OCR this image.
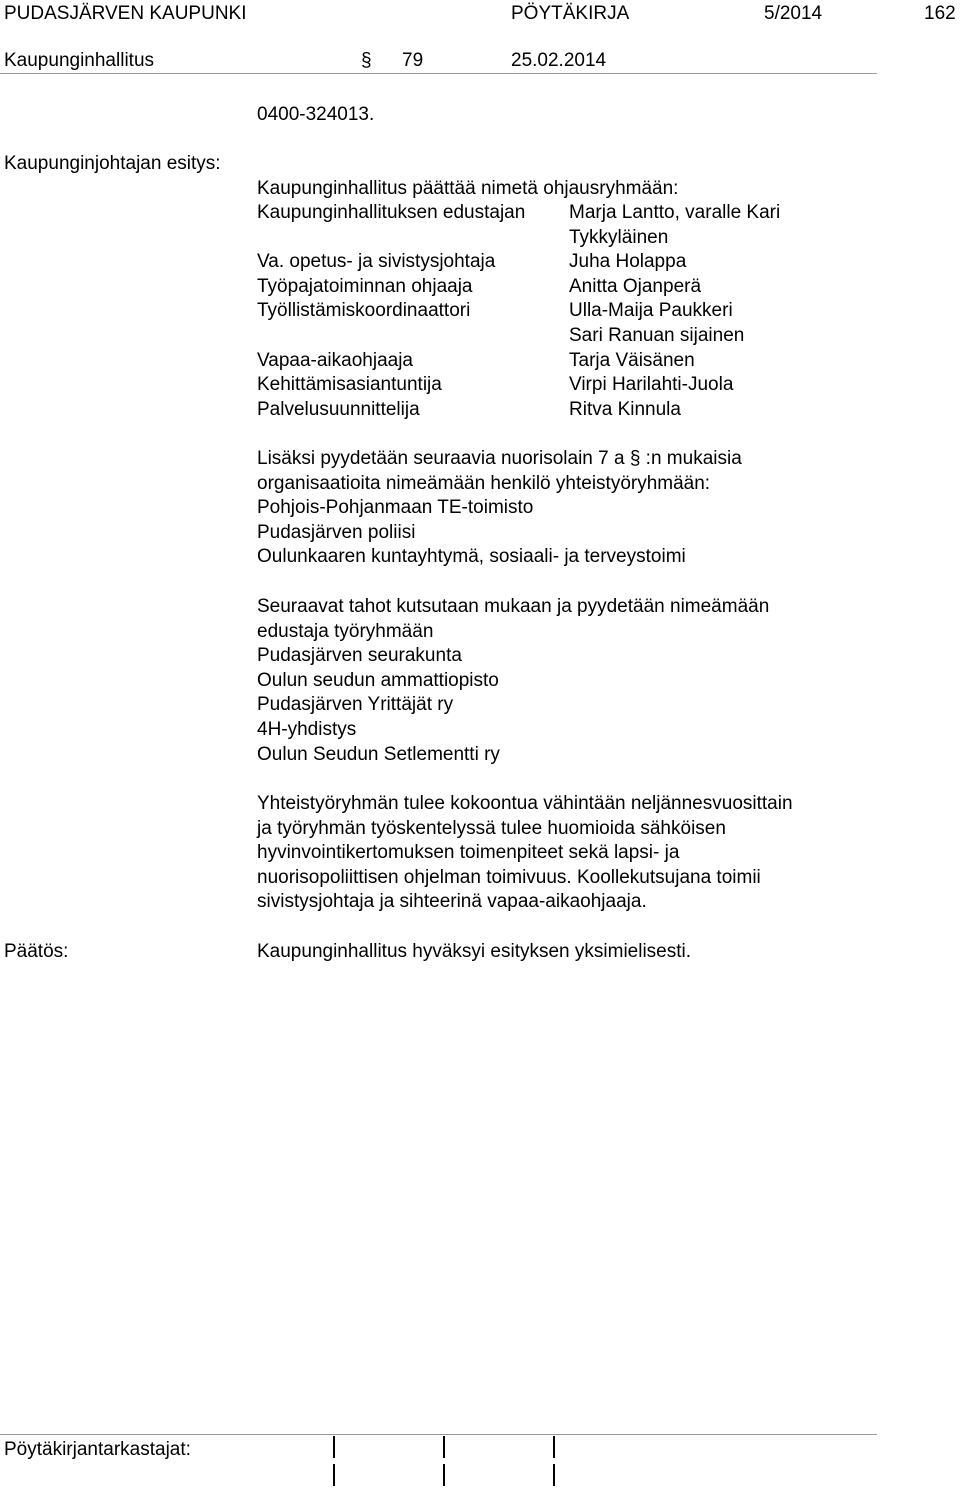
PUDASJÄRVEN KAUPUNKI	PÖYTÄKIRJA	5/2014	162
Kaupunginhallitus	§ 79	25.02.2014
0400-324013.
Kaupunginjohtajan esitys:
Kaupunginhallitus päättää nimetä ohjausryhmään:
Kaupunginhallituksen edustajan	Marja Lantto, varalle Kari
	Tykkyläinen
Va. opetus- ja sivistysjohtaja	Juha Holappa
Työpajatoiminnan ohjaaja	Anitta Ojanperä
Työllistämiskoordinaattori	Ulla-Maija Paukkeri
	Sari Ranuan sijainen
Vapaa-aikaohjaaja	Tarja Väisänen
Kehittämisasiantuntija	Virpi Harilahti-Juola
Palvelusuunnittelija	Ritva Kinnula
Lisäksi pyydetään seuraavia nuorisolain 7 a § :n mukaisia
organisaatioita nimeämään henkilö yhteistyöryhmään:
Pohjois-Pohjanmaan TE-toimisto
Pudasjärven poliisi
Oulunkaaren kuntayhtymä, sosiaali- ja terveystoimi
Seuraavat tahot kutsutaan mukaan ja pyydetään nimeämään
edustaja työryhmään
Pudasjärven seurakunta
Oulun seudun ammattiopisto
Pudasjärven Yrittäjät ry
4H-yhdistys
Oulun Seudun Setlementti ry
Yhteistyöryhmän tulee kokoontua vähintään neljännesvuosittain
ja työryhmän työskentelyssä tulee huomioida sähköisen
hyvinvointikertomuksen toimenpiteet sekä lapsi- ja
nuorisopoliittisen ohjelman toimivuus. Koollekutsujana toimii
sivistysjohtaja ja sihteerinä vapaa-aikaohjaaja.
Päätös:	Kaupunginhallitus hyväksyi esityksen yksimielisesti.
Pöytäkirjantarkastajat:
